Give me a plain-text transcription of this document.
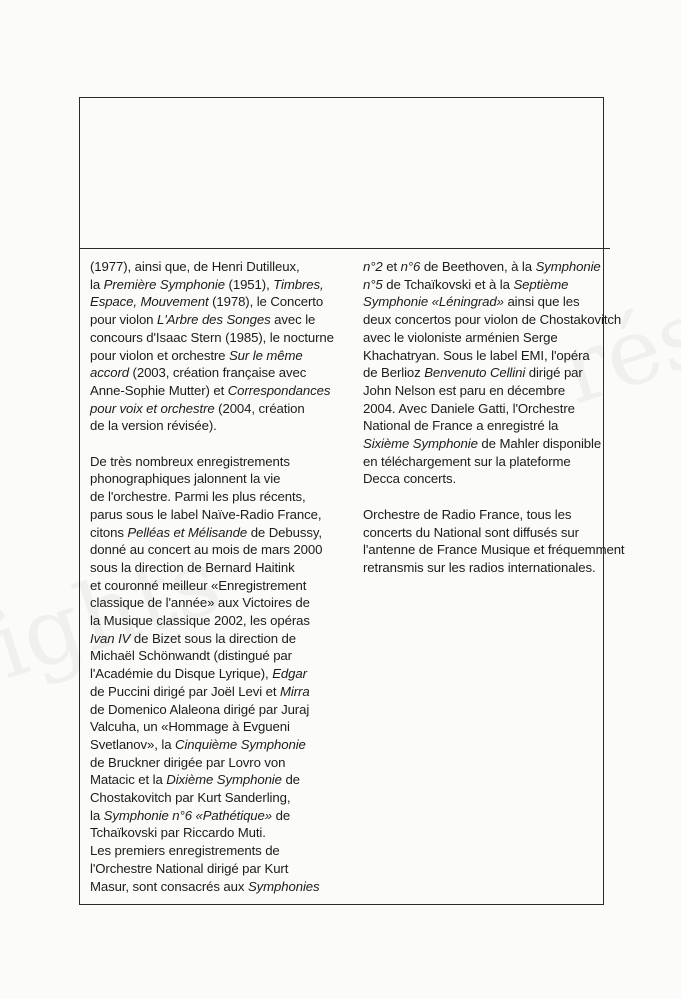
(1977), ainsi que, de Henri Dutilleux,
la Première Symphonie (1951), Timbres,
Espace, Mouvement (1978), le Concerto
pour violon L'Arbre des Songes avec le
concours d'Isaac Stern (1985), le nocturne
pour violon et orchestre Sur le même
accord (2003, création française avec
Anne-Sophie Mutter) et Correspondances
pour voix et orchestre (2004, création
de la version révisée).

De très nombreux enregistrements
phonographiques jalonnent la vie
de l'orchestre. Parmi les plus récents,
parus sous le label Naïve-Radio France,
citons Pelléas et Mélisande de Debussy,
donné au concert au mois de mars 2000
sous la direction de Bernard Haitink
et couronné meilleur «Enregistrement
classique de l'année» aux Victoires de
la Musique classique 2002, les opéras
Ivan IV de Bizet sous la direction de
Michaël Schönwandt (distingué par
l'Académie du Disque Lyrique), Edgar
de Puccini dirigé par Joël Levi et Mirra
de Domenico Alaleona dirigé par Juraj
Valcuha, un «Hommage à Evgueni
Svetlanov», la Cinquième Symphonie
de Bruckner dirigée par Lovro von
Matacic et la Dixième Symphonie de
Chostakovitch par Kurt Sanderling,
la Symphonie n°6 «Pathétique» de
Tchaïkovski par Riccardo Muti.
Les premiers enregistrements de
l'Orchestre National dirigé par Kurt
Masur, sont consacrés aux Symphonies

n°2 et n°6 de Beethoven, à la Symphonie
n°5 de Tchaïkovski et à la Septième
Symphonie «Léningrad» ainsi que les
deux concertos pour violon de Chostakovitch
avec le violoniste arménien Serge
Khachatryan. Sous le label EMI, l'opéra
de Berlioz Benvenuto Cellini dirigé par
John Nelson est paru en décembre
2004. Avec Daniele Gatti, l'Orchestre
National de France a enregistré la
Sixième Symphonie de Mahler disponible
en téléchargement sur la plateforme
Decca concerts.

Orchestre de Radio France, tous les
concerts du National sont diffusés sur
l'antenne de France Musique et fréquemment
retransmis sur les radios internationales.
